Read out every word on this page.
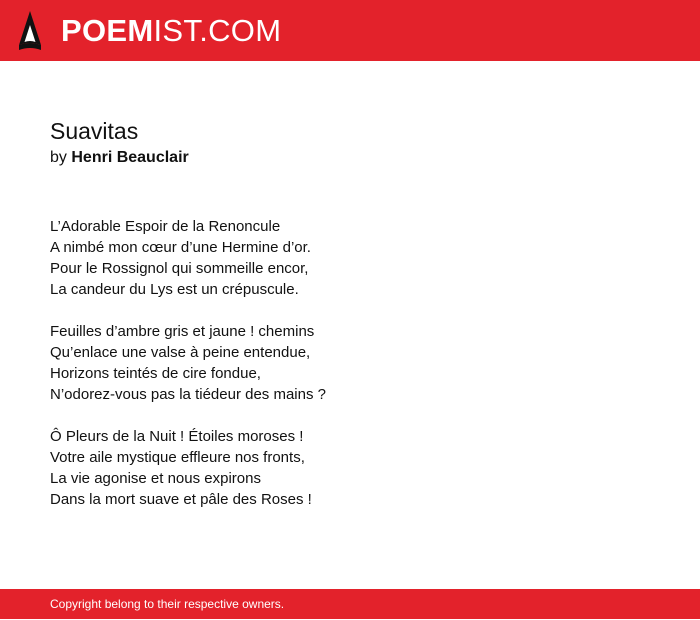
POEMIST.COM
Suavitas

by Henri Beauclair

L’Adorable Espoir de la Renoncule
A nimbé mon cœur d’une Hermine d’or.
Pour le Rossignol qui sommeille encor,
La candeur du Lys est un crépuscule.
Feuilles d’ambre gris et jaune ! chemins
Qu’enlace une valse à peine entendue,
Horizons teintés de cire fondue,
N’odorez-vous pas la tiédeur des mains ?
Ô Pleurs de la Nuit ! Étoiles moroses !
Votre aile mystique effleure nos fronts,
La vie agonise et nous expirons
Dans la mort suave et pâle des Roses !
Copyright belong to their respective owners.
